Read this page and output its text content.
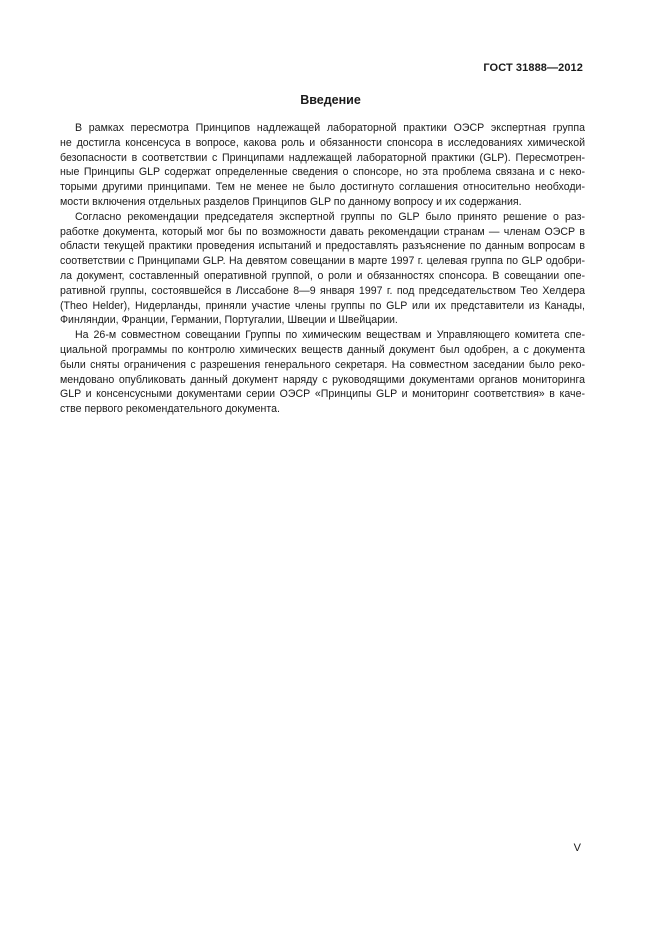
ГОСТ 31888—2012
Введение

В рамках пересмотра Принципов надлежащей лабораторной практики ОЭСР экспертная группа
не достигла консенсуса в вопросе, какова роль и обязанности спонсора в исследованиях химической
безопасности в соответствии с Принципами надлежащей лабораторной практики (GLP). Пересмотрен-
ные Принципы GLP содержат определенные сведения о спонсоре, но эта проблема связана и с неко-
торыми другими принципами. Тем не менее не было достигнуто соглашения относительно необходи-
мости включения отдельных разделов Принципов GLP по данному вопросу и их содержания.

Согласно рекомендации председателя экспертной группы по GLP было принято решение о раз-
работке документа, который мог бы по возможности давать рекомендации странам — членам ОЭСР в
области текущей практики проведения испытаний и предоставлять разъяснение по данным вопросам в
соответствии с Принципами GLP. На девятом совещании в марте 1997 г. целевая группа по GLP одобри-
ла документ, составленный оперативной группой, о роли и обязанностях спонсора. В совещании опе-
ративной группы, состоявшейся в Лиссабоне 8—9 января 1997 г. под председательством Тео Хелдера
(Theo Helder), Нидерланды, приняли участие члены группы по GLP или их представители из Канады,
Финляндии, Франции, Германии, Португалии, Швеции и Швейцарии.

На 26-м совместном совещании Группы по химическим веществам и Управляющего комитета спе-
циальной программы по контролю химических веществ данный документ был одобрен, а с документа
были сняты ограничения с разрешения генерального секретаря. На совместном заседании было реко-
мендовано опубликовать данный документ наряду с руководящими документами органов мониторинга
GLP и консенсусными документами серии ОЭСР «Принципы GLP и мониторинг соответствия» в каче-
стве первого рекомендательного документа.

V
